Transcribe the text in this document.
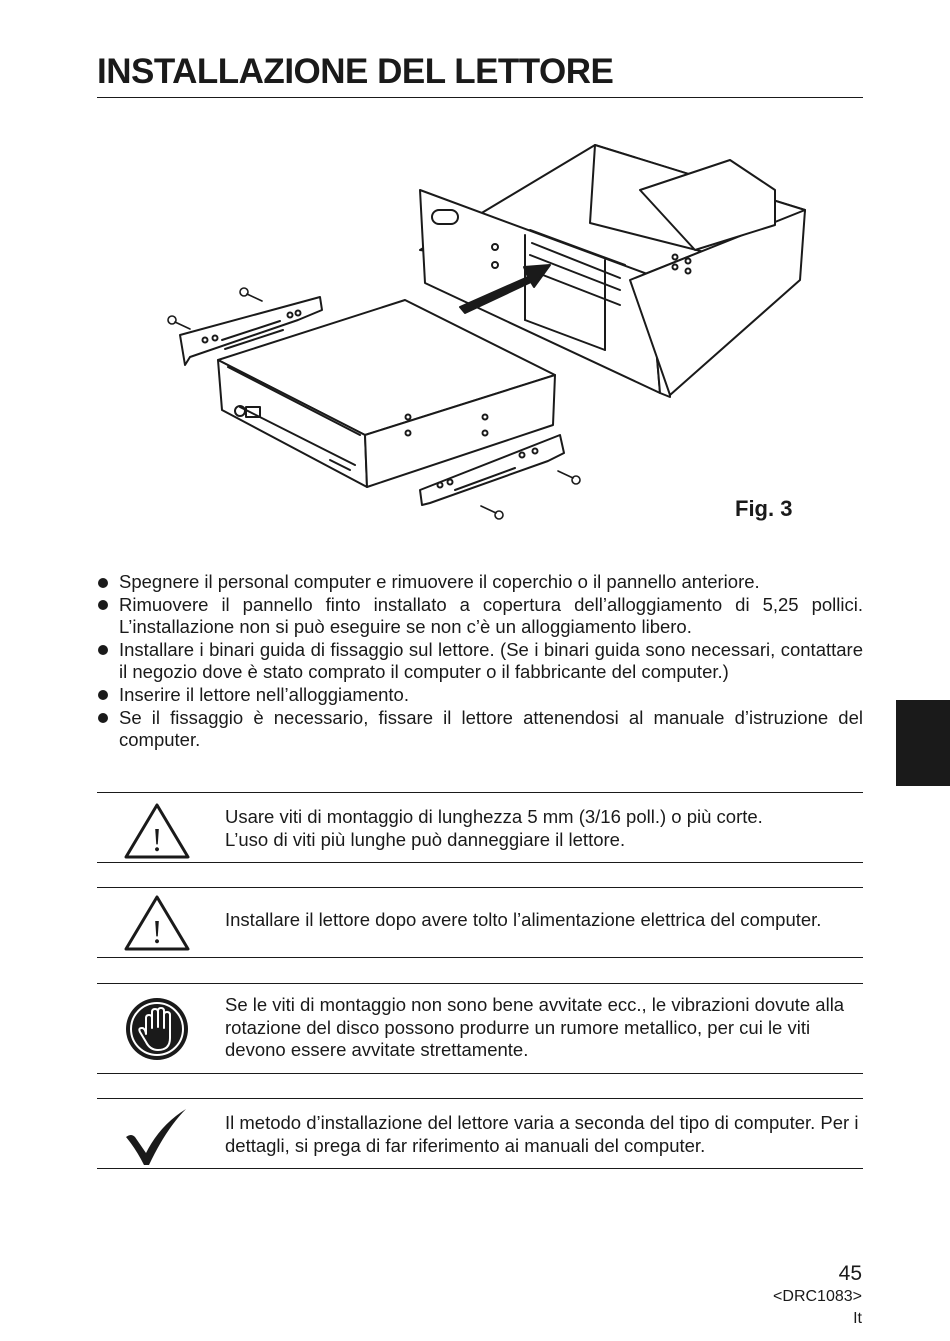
INSTALLAZIONE DEL LETTORE
Fig. 3
Spegnere il personal computer e rimuovere il coperchio o il pannello anteriore.
Rimuovere il pannello finto installato a copertura dell’alloggiamento di 5,25 pollici. L’installazione non si può eseguire se non c’è un alloggiamento libero.
Installare i binari guida di fissaggio sul lettore. (Se i binari guida sono necessari, contattare il negozio dove è stato comprato il computer o il fabbricante del computer.)
Inserire il lettore nell’alloggiamento.
Se il fissaggio è necessario, fissare il lettore attenendosi al manuale d’istruzione del computer.
!
Usare viti di montaggio di lunghezza 5 mm (3/16 poll.) o più corte.
L’uso di viti più lunghe può danneggiare il lettore.
!	Installare il lettore dopo avere tolto l’alimentazione elettrica del computer.
Se le viti di montaggio non sono bene avvitate ecc., le vibrazioni dovute alla rotazione del disco possono produrre un rumore metallico, per cui le viti devono essere avvitate strettamente.
Il metodo d’installazione del lettore varia a seconda del tipo di computer. Per i dettagli, si prega di far riferimento ai manuali del computer.
45
<DRC1083>
It
